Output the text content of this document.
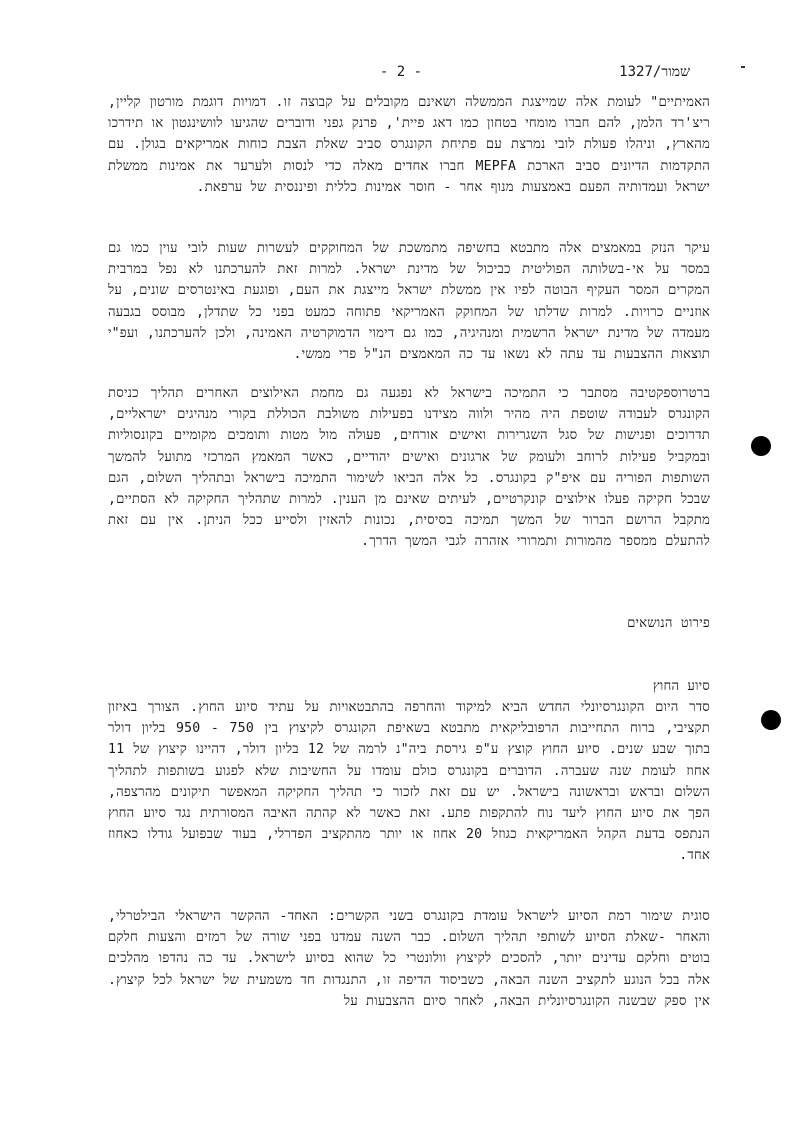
שמור/1327
- 2 -

האמיתיים" לעומת אלה שמייצגת הממשלה ושאינם מקובלים על קבוצה זו. דמויות דוגמת מורטון קליין, ריצ'רד הלמן, להם חברו מומחי בטחון כמו דאג פיית', פרנק גפני ודוברים שהגיעו לוושינגטון או תידרכו מהארץ, וניהלו פעולת לובי נמרצת עם פתיחת הקונגרס סביב שאלת הצבת כוחות אמריקאים בגולן. עם התקדמות הדיונים סביב הארכת MEPFA חברו אחדים מאלה כדי לנסות ולערער את אמינות ממשלת ישראל ועמדותיה הפעם באמצעות מנוף אחר - חוסר אמינות כללית ופיננסית של ערפאת.

עיקר הנזק במאמצים אלה מתבטא בחשיפה מתמשכת של המחוקקים לעשרות שעות לובי עוין כמו גם במסר על אי-בשלותה הפוליטית כביכול של מדינת ישראל. למרות זאת להערכתנו לא נפל במרבית המקרים המסר העקיף הבוטה לפיו אין ממשלת ישראל מייצגת את העם, ופוגעת באינטרסים שונים, על אוזניים כרויות. למרות שדלתו של המחוקק האמריקאי פתוחה כמעט בפני כל שתדלן, מבוסס בגבעה מעמדה של מדינת ישראל הרשמית ומנהיגיה, כמו גם דימוי הדמוקרטיה האמינה, ולכן להערכתנו, ועפ"י תוצאות ההצבעות עד עתה לא נשאו עד כה המאמצים הנ"ל פרי ממשי.

ברטרוספקטיבה מסתבר כי התמיכה בישראל לא נפגעה גם מחמת האילוצים האחרים תהליך כניסת הקונגרס לעבודה שוטפת היה מהיר ולווה מצידנו בפעילות משולבת הכוללת בקורי מנהיגים ישראליים, תדרוכים ופגישות של סגל השגרירות ואישים אורחים, פעולה מול מטות ותומכים מקומיים בקונסוליות ובמקביל פעילות לרוחב ולעומק של ארגונים ואישים יהודיים, כאשר המאמץ המרכזי מתועל להמשך השותפות הפוריה עם איפ"ק בקונגרס. כל אלה הביאו לשימור התמיכה בישראל ובתהליך השלום, הגם שבכל חקיקה פעלו אילוצים קונקרטיים, לעיתים שאינם מן הענין. למרות שתהליך החקיקה לא הסתיים, מתקבל הרושם הברור של המשך תמיכה בסיסית, נכונות להאזין ולסייע ככל הניתן. אין עם זאת להתעלם ממספר מהמורות ותמרורי אזהרה לגבי המשך הדרך.

פירוט הנושאים

סיוע החוץ

סדר היום הקונגרסיונלי החדש הביא למיקוד והחרפה בהתבטאויות על עתיד סיוע החוץ. הצורך באיזון תקציבי, ברוח התחייבות הרפובליקאית מתבטא בשאיפת הקונגרס לקיצוץ בין 750 - 950 בליון דולר בתוך שבע שנים. סיוע החוץ קוצץ ע"פ גירסת ביה"נ לרמה של 12 בליון דולר, דהיינו קיצוץ של 11 אחוז לעומת שנה שעברה. הדוברים בקונגרס כולם עומדו על החשיבות שלא לפגוע בשותפות לתהליך השלום ובראש ובראשונה בישראל. יש עם זאת לזכור כי תהליך החקיקה המאפשר תיקונים מהרצפה, הפך את סיוע החוץ ליעד נוח להתקפות פתע. זאת כאשר לא קהתה האיבה המסורתית נגד סיוע החוץ הנתפס בדעת הקהל האמריקאית כגוזל 20 אחוז או יותר מהתקציב הפדרלי, בעוד שבפועל גודלו כאחוז אחד.

סוגית שימור רמת הסיוע לישראל עומדת בקונגרס בשני הקשרים: האחד- ההקשר הישראלי הבילטרלי, והאחר -שאלת הסיוע לשותפי תהליך השלום. כבר השנה עמדנו בפני שורה של רמזים והצעות חלקם בוטים וחלקם עדינים יותר, להסכים לקיצוץ וולונטרי כל שהוא בסיוע לישראל. עד כה נהדפו מהלכים אלה בכל הנוגע לתקציב השנה הבאה, כשביסוד הדיפה זו, התנגדות חד משמעית של ישראל לכל קיצוץ. אין ספק שבשנה הקונגרסיונלית הבאה, לאחר סיום ההצבעות על
